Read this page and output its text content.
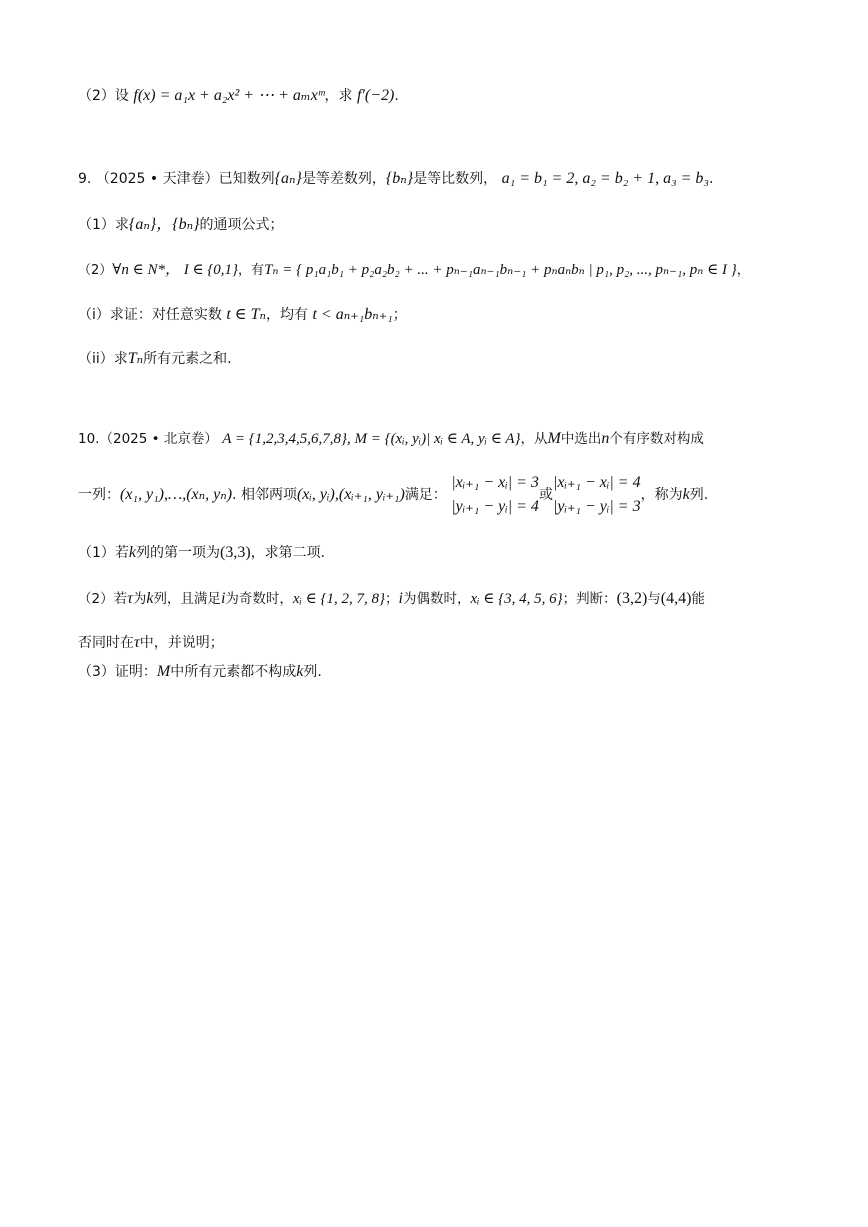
（2）设 f(x) = a₁x + a₂x² + ⋯ + aₘxᵐ，求 f′(−2).
9. （2025 • 天津卷）已知数列{aₙ}是等差数列，{bₙ}是等比数列， a₁ = b₁ = 2, a₂ = b₂ + 1, a₃ = b₃.
（1）求{aₙ}，{bₙ}的通项公式；
（2）∀n ∈ N*， I ∈ {0,1}，有Tₙ = { p₁a₁b₁ + p₂a₂b₂ + ... + pₙ₋₁aₙ₋₁bₙ₋₁ + pₙaₙbₙ | p₁, p₂, ..., pₙ₋₁, pₙ ∈ I }，
（i）求证：对任意实数 t ∈ Tₙ，均有 t < aₙ₊₁bₙ₊₁；
（ii）求Tₙ所有元素之和.
10.（2025 • 北京卷） A = {1,2,3,4,5,6,7,8}, M = {(xᵢ, yᵢ)| xᵢ ∈ A, yᵢ ∈ A}，从M中选出n个有序数对构成
一列：(x₁, y₁),…,(xₙ, yₙ). 相邻两项(xᵢ, yᵢ),(xᵢ₊₁, yᵢ₊₁)满足：
|xᵢ₊₁ − xᵢ| = 3
|yᵢ₊₁ − yᵢ| = 4
或
|xᵢ₊₁ − xᵢ| = 4
|yᵢ₊₁ − yᵢ| = 3
，称为k列.
（1）若k列的第一项为(3,3)，求第二项.
（2）若τ为k列，且满足i为奇数时，xᵢ ∈ {1, 2, 7, 8}；i为偶数时，xᵢ ∈ {3, 4, 5, 6}；判断：(3,2)与(4,4)能
否同时在τ中，并说明；
（3）证明：M中所有元素都不构成k列.
